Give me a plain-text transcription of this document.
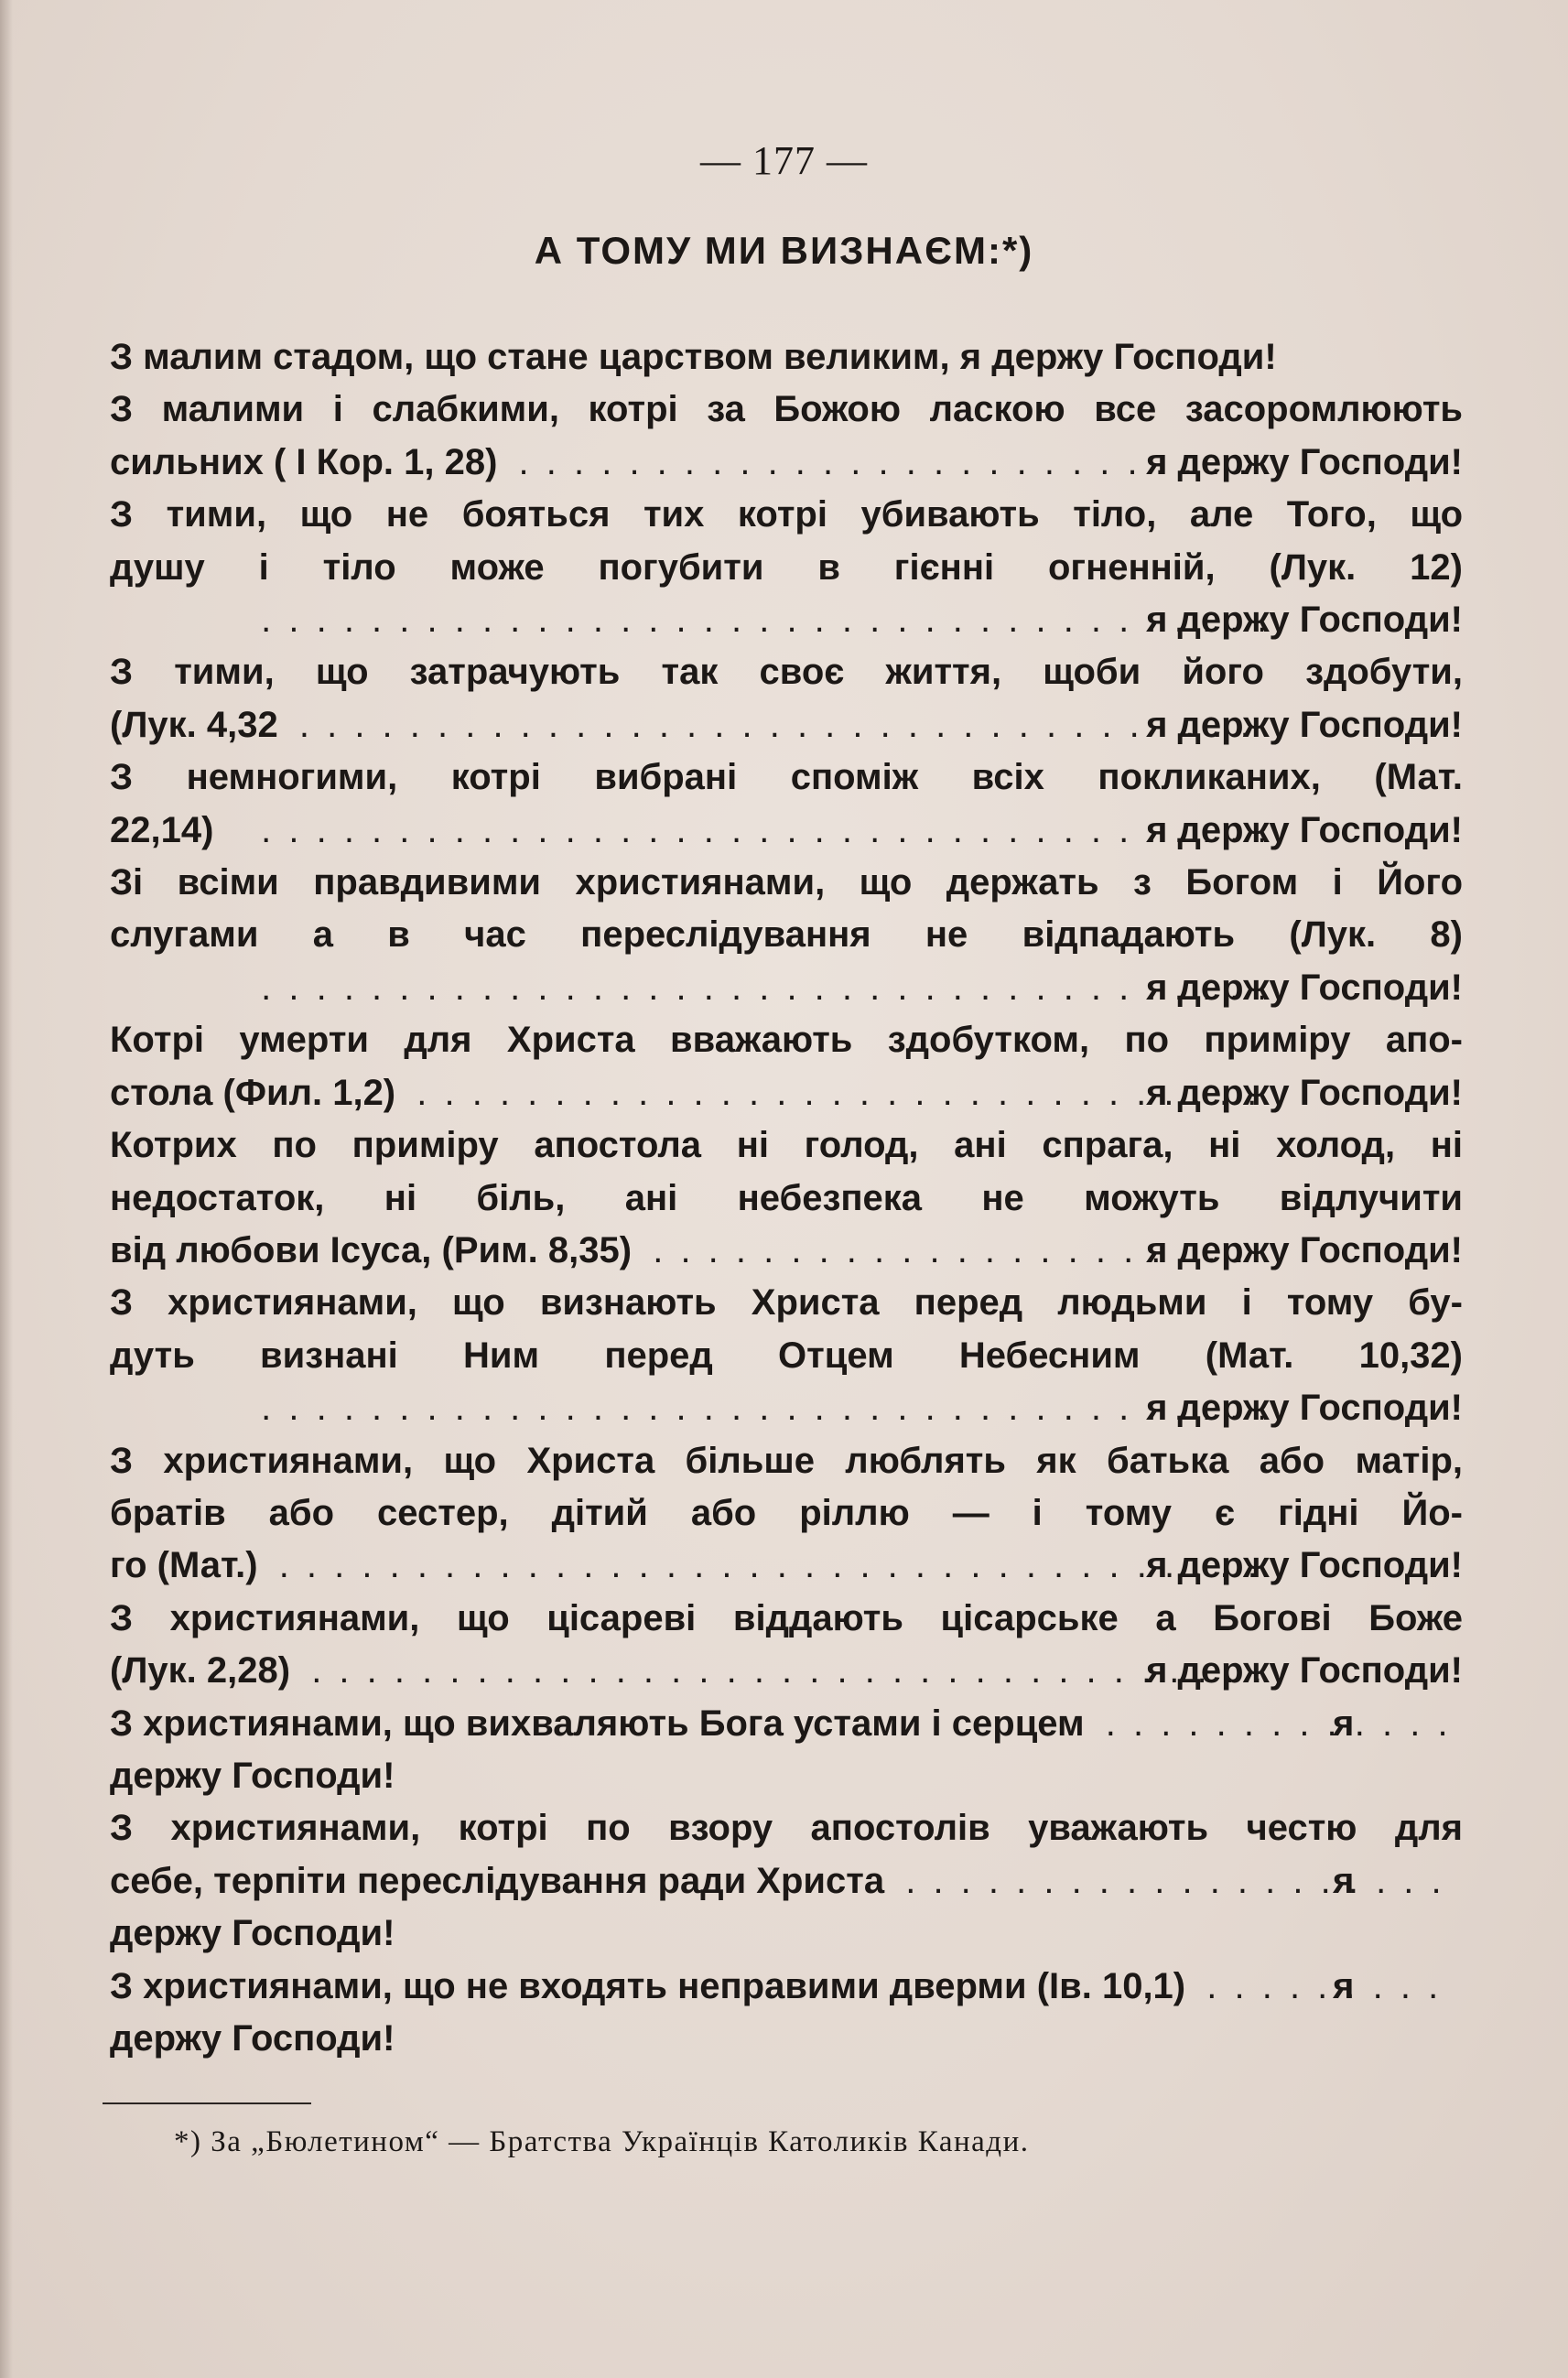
— 177 —
А ТОМУ МИ ВИЗНАЄМ:*)

З малим стадом, що стане царством великим, я держу Господи!

З малими і слабкими, котрі за Божою ласкою все засоромлюють
сильних ( I Кор. 1, 28) . . .	я держу Господи!

З тими, що не бояться тих котрі убивають тіло, але Того, що
душу і тіло може погубити в гієнні огненній, (Лук. 12)
. . .
я держу Господи!

З тими, що затрачують так своє життя, щоби його здобути,
(Лук. 4,32 . . .	я держу Господи!

З немногими, котрі вибрані споміж всіх покликаних, (Мат.
22,14) . . .	я держу Господи!

Зі всіми правдивими християнами, що держать з Богом і Його
слугами а в час переслідування не відпадають (Лук. 8)
. . .
я держу Господи!

Котрі умерти для Христа вважають здобутком, по приміру апо-
стола (Фил. 1,2) . . .	я держу Господи!

Котрих по приміру апостола ні голод, ані спрага, ні холод, ні
недостаток, ні біль, ані небезпека не можуть відлучити
від любови Ісуса, (Рим. 8,35) . . .	я держу Господи!

З християнами, що визнають Христа перед людьми і тому бу-
дуть визнані Ним перед Отцем Небесним (Мат. 10,32)
. . .
я держу Господи!

З християнами, що Христа більше люблять як батька або матір,
братів або сестер, дітий або ріллю — і тому є гідні Йо-
го (Мат.) . . .	я держу Господи!

З християнами, що цісареві віддають цісарське а Богові Боже
(Лук. 2,28) . . .	я держу Господи!

З християнами, що вихваляють Бога устами і серцем . . .	я
держу Господи!

З християнами, котрі по взору апостолів уважають честю для
себе, терпіти переслідування ради Христа . . .	я
держу Господи!

З християнами, що не входять неправими дверми (Ів. 10,1) . . .	я
держу Господи!

*) За „Бюлетином“ — Братства Українців Католиків Канади.
